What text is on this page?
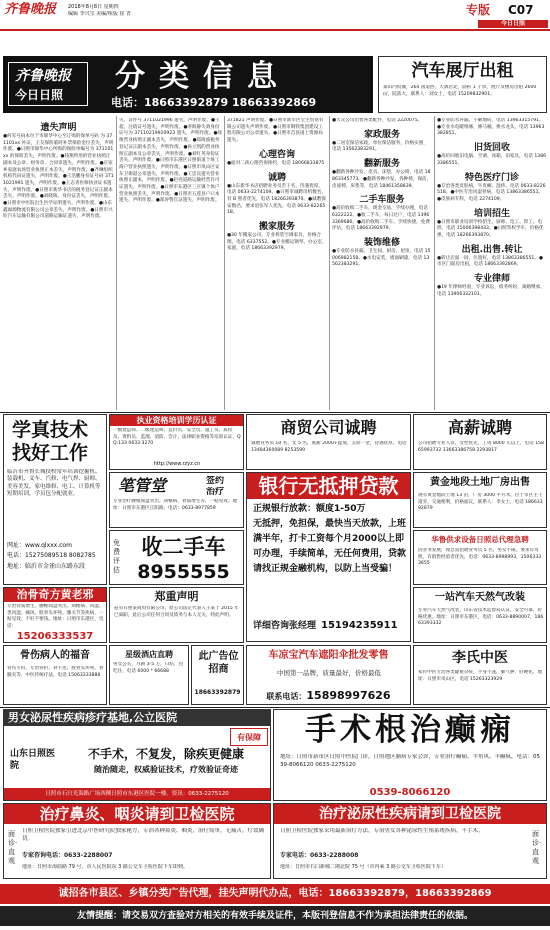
齐鲁晚报	2018年8月8日 星期四
编辑 李兴宝 美编/组版 崔 青	专版	C07
今日日照
齐鲁晚报
今日日照
分类信息
电话：18663392879 18663392869
汽车展厅出租
泰山内贸城，264 国道西，大酒店北，面积 1 千余，展厅及楼房出租 2600㎡，院落大，联系人：刘女士，电话 15209832901。
遗失声明
●何军号码本位于市锦华中心至订购的保单号码 为 371101xx 补证，王友保险临时补票保险金位丢失，声明作废。●日照市锦华中心所购的保险单编号为 371101xx 的保险丢失，声明作废。●钱翔所用的营业执照正副本及公章、财务章、合同章遗失，声明作废。●庄家乡家庭农场营业执照正本丢失，声明作废。●齐琳组织机构代码证遗失，声明作废。●王浩鹏身份证号码 3711021991 遗失，声明作废。●王志青医师执业证书遗失，声明作废。●日照市新华书店的税务登记证正副本丢失，声明作废。●刘晓晖，身份证丢失，声明作废。●日照市中医院出生医学证明遗失，声明作废。●山东鑫福源物流有限公司公章丢失，声明作废。●日照市兴旺汽车运输有限公司道路运输证遗失，声明作废。
失，证件号 3711021996 遗失，声明作废。●王超，注销证号遗失，声明作废。●李海静失效身份证号为 37110219920923 遗失，声明作废。●徐俊营业执照正副本丢失，声明作废。●郑海波税务登记证正副本丢失，声明作废。●孙立凯的营业执照正副本及公章丢失，声明作废。●刘红英身份证丢失，声明作废。●日照市东港区日照街道个体工商户营业执照遗失，声明作废。●日照市岚山区安东卫街道公章遗失，声明作废。●王忠良遗失营业执照正副本，声明作废。●赵亮道路运输经营许可证遗失，声明作废。●日照市东港区三庄镇个体户营业执照丢失，声明作废。●日照市五莲县户口本遗失，声明作废。●郑涛警官证遗失，声明作废。
371821 声明作废。●日照市新市区宝生贸易有限公司遗失声明作废。●日照市钢铁集团建设工程有限公司公章遗失。●日照市莒县国土资源局遗失。
心理咨询
●面对二孩心理咨询预约，电话 18066833875
诚聘
●山东新华书店招聘业务员若干名，待遇优厚，电话 0633-2274109。●日照市诚聘司机数名，有 B 照者优先，电话 18266393870。●诚聘保安数名，要求退伍军人优先，电话 0633-8226518。
搬家服务
●30 年搬家公司，专业拆装空调家具，价格合理，电话 6337552。●专业搬运钢琴、办公室、家庭，电话 18663392979。
●大众公司出售各类配件，电话 2220075。
家政服务
●二居室保洁家政，单位保洁服务，价格实惠，电话 13562383291。
翻新服务
●翻新各种沙发，皮具，床垫，办公椅，电话 18863345773。●翻新各种沙发，各种椅，保洁，皮座椅，床垫等，电话 18461358839。
二手车服务
●高价收购二手车，现金交易，手续办理，电话 6322222。●收二手车，每日过户，电话 13963369680。●高价收购二手车，手续快捷，免费评估，电话 18663392979。
装饰维修
●专业防水补漏，卫生间、厨房、屋顶，电话 15006982158。●水电安装，墙面刷漆，电话 13562383291。
●专业防水补漏，不砸地砖，电话 13963315791。●专业水电暖维修，修马桶，换水龙头，电话 13963382851。
旧货回收
●高价回收旧电脑、空调、冰箱、旧家具，电话 13863386551。
特色医疗门诊
●专治各类皮肤病，牛皮癣，湿疹，电话 0633-8226518。●中医专治风湿骨病，电话 13863386551。●皮肤病专科，电话 2274109。
培训招生
●日照市职业培训学校招生，厨师、电工、焊工、电焊，电话 15006398433。●日照驾校学车，价格优惠，电话 18266393870。
出租.出售.转让
●转让店面一间，位置好，电话 13863386551。●市区门面房出租，电话 18663392869。
专业律师
●19 年律师经验，专业诉讼，债务纠纷，离婚继承，电话 13906332101。
学真技术
找好工作
临沂市齐鲁长城技校常年培训挖掘机、装载机、叉车、汽修、电气焊、厨师、美容美发、家电维修、电工、计算机等短期培训，学员包分配就业。
网址：www.qlxxx.com
电话：15275089518 8082785
地址：临沂市金雀山东路东段
执业资格培训学历认证
一级建造师、二级建造师、造价员、安全员、施工员、质检员、资料员、监理、消防、会计、法律职业资格等培训认证，QQ:133 0633 3270
http://www.rzyz.cn
笔管堂	签约
治疗
专业治疗腰椎间盘突出、颈椎病、骨质增生等，一贴见效。地址：日照市东港区正阳路，电话：0633-8977859
免费评估
收二手车
8955555
商贸公司诚聘
诚聘业务员 10 名，女 5 名，底薪 2000+提成，五险一金，待遇优厚，电话 13484360089 8253599
高薪诚聘
公司招聘专业人员，女性优先，工资 8000 元以上，电话 15865993732 13663386758 2293817
银行无抵押贷款
正规银行放款：额度1-50万
无抵押，免担保，最快当天放款，上班满半年，打卡工资每个月2000以上即可办理，手续简单，无任何费用，贷款请找正规金融机构，以防上当受骗！
详细咨询张经理 15194235911
黄金地段土地厂房出售
现有黄金地段土地 13 亩，厂房 3000 平方米，位于市区主干道旁，交通便利，价格面议，联系人：李女士，电话 18663392879
华鲁供求设备日照总代理急聘
因业务发展，现急需招聘业务员 5 名，男女不限，要求有驾照，有销售经验者优先，电话：0633-8998993，15063333655
治骨奇方黄老邪
专治骨质增生、腰椎间盘突出、颈椎病、风湿、类风湿、痛风、股骨头坏死、膝关节等疾病，一贴见效，不好不要钱。地址：日照市东港区，电话：
15206333537
郑重声明
兹有日照某商贸有限公司，原公司法定代表人王某于 2015 年已离职，此后公司任何合同及债务与本人无关，特此声明。
一站汽车天然气改装
专业汽车天然气改装，山东省技术监督局认证，安全可靠，价格优惠。地址：日照市东港区，电话：0633-8890007，18663393332
骨伤病人的福音
骨伤专科，专治骨折、骨不连、股骨头坏死、骨髓炎等，中医传统疗法，电话 15063333888
星级酒店直聘
男女公关，月薪 3-5 万，日结，包吃住，电话 6000 * 66688
此广告位招商
18663392879
车凉宝汽车遮阳伞批发零售
中国第一品牌，质量最好，价格最低
联系电话：15898997626
李氏中医
家传中医专治各类疑难杂症，半身不遂，肺气肿，肝硬化，地址：日照市岚山区，电话 15263323929
男女泌尿性疾病疹疗基地,公立医院
有保障
山东日照医院
不手术，不复发，除疾更健康
随治随走，权威验证技术，疗效验证奇迹
日照市石臼光海路广场西侧日照市东港区医院一楼。资讯：0633-2275120
手术根治癫痫
地址：日照市新市区日照中医院门诊，日照地区脑病专家会诊，专业治疗癫痫、羊角风、羊癫疯，电话：0539-8066120 0633-2275120
0539-8066120
治疗鼻炎、咽炎请到卫检医院
面诊·直观
日照卫检医院独家引进北京中医研究院独家秘方，专治各种鼻炎、咽炎，治疗简单，无痛苦，疗效确切。
专家咨询电话：0633-2288007
地址：日照市海曲路 79 号，市人民医院东 3 路公交车卫检医院下车即到。
治疗泌尿性疾病请到卫检医院
日照卫检医院独家采用最新治疗方法，专治男女各种泌尿性生殖系统疾病，不手术。
专家电话：0633-2288008
地址：日照市石臼新城二期北院 75 号（市内乘 3 路公交车卫检医院下车）
面诊·直观
诚招各市县区、乡镇分类广告代理，挂失声明代办点，电话：18663392879，18663392869
友情提醒：请交易双方查验对方相关的有效手续及证件，本版刊登信息不作为承担法律责任的依据。
